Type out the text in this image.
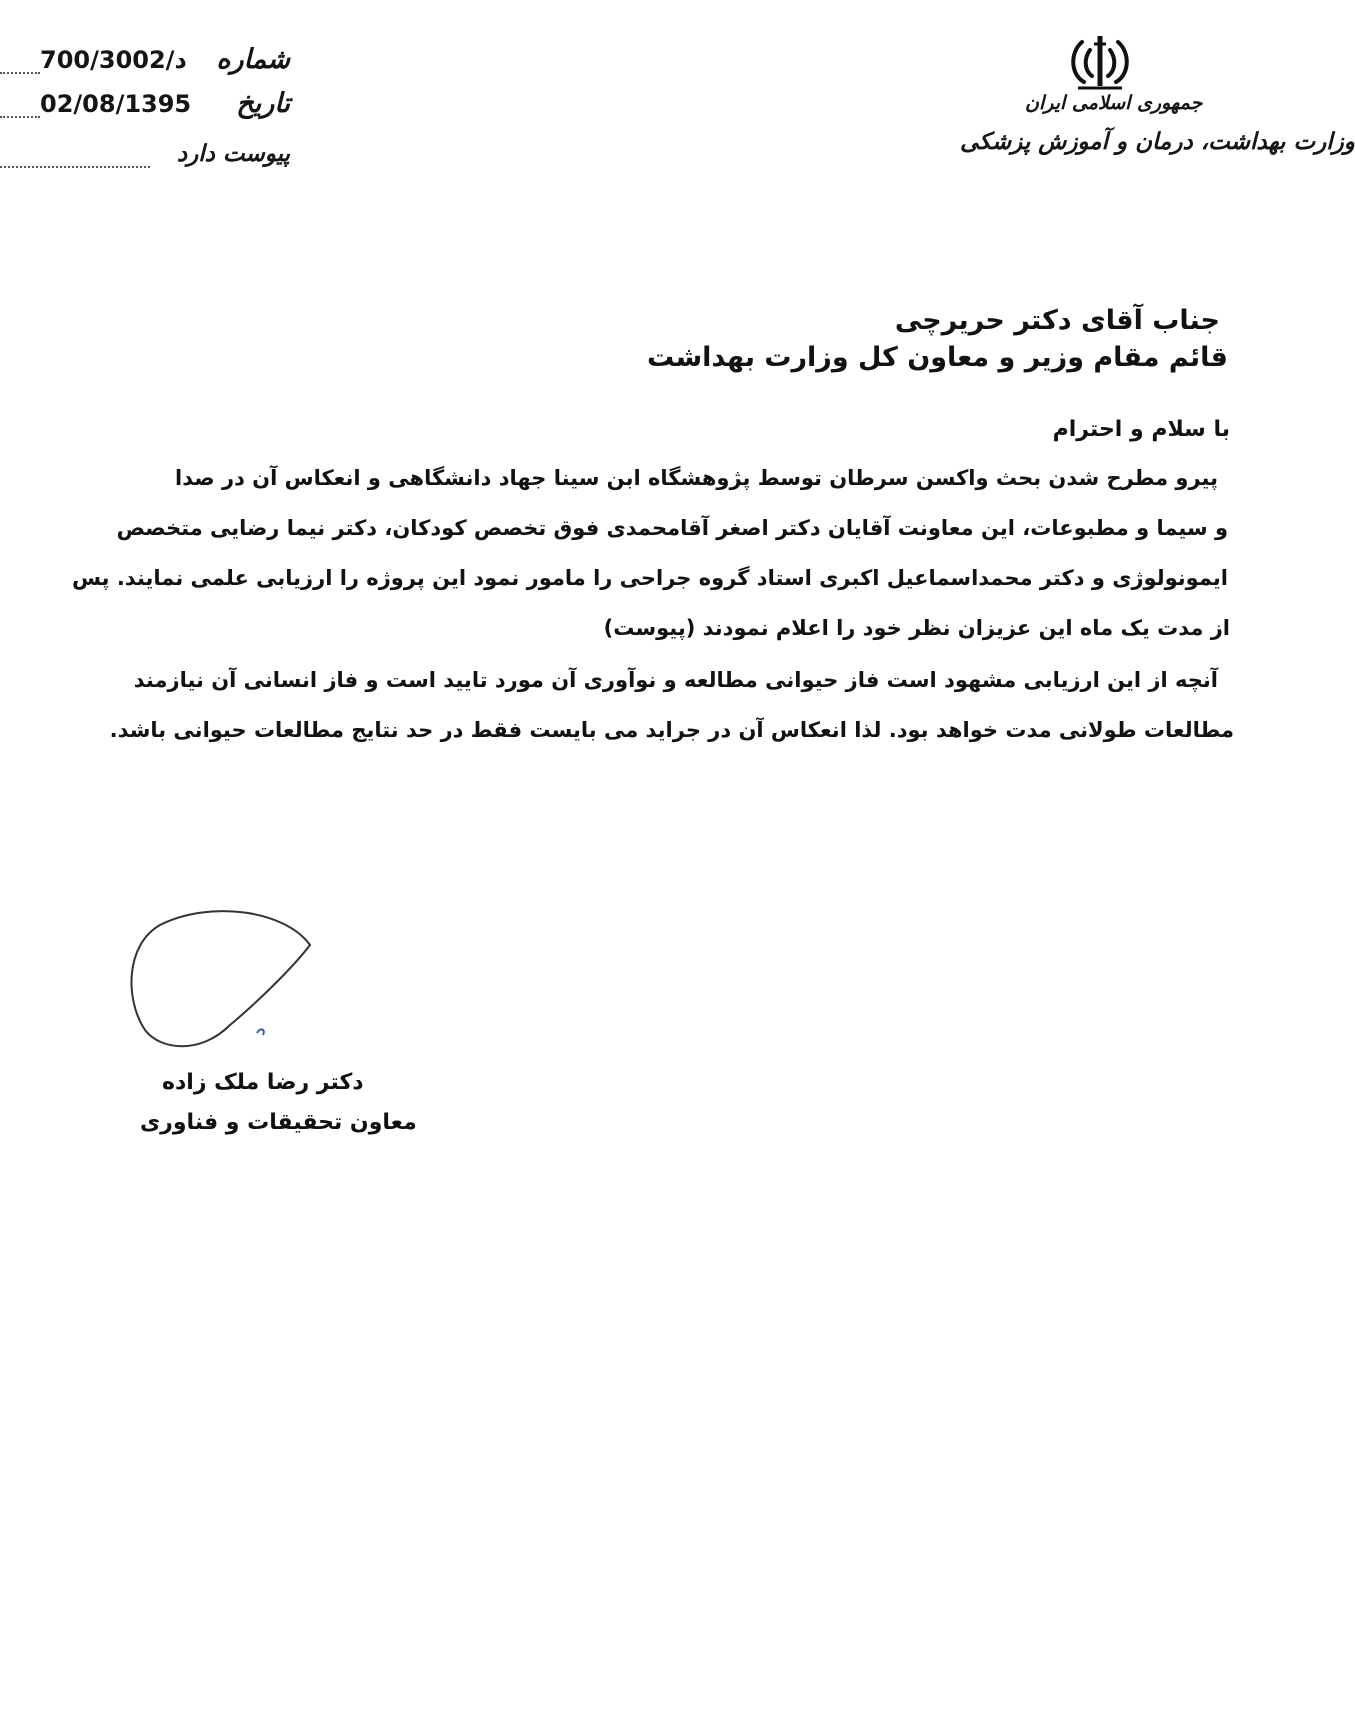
شماره
700/د/3002
تاریخ
02/08/1395
پیوست دارد
جمهوری اسلامی ایران
وزارت بهداشت، درمان و آموزش پزشکی
جناب آقای دکتر حریرچی
قائم مقام وزیر و معاون کل وزارت بهداشت
با سلام و احترام
پیرو مطرح شدن بحث واکسن سرطان توسط پژوهشگاه ابن سینا جهاد دانشگاهی و انعکاس آن در صدا
و سیما و مطبوعات، این معاونت آقایان دکتر اصغر آقامحمدی فوق تخصص کودکان، دکتر نیما رضایی متخصص
ایمونولوژی و دکتر محمداسماعیل اکبری استاد گروه جراحی را مامور نمود این پروژه را ارزیابی علمی نمایند. پس
از مدت یک ماه این عزیزان نظر خود را اعلام نمودند (پیوست)
آنچه از این ارزیابی مشهود است فاز حیوانی مطالعه و نوآوری آن مورد تایید است و فاز انسانی آن نیازمند
مطالعات طولانی مدت خواهد بود. لذا انعکاس آن در جراید می بایست فقط در حد نتایج مطالعات حیوانی باشد.
دکتر رضا ملک زاده
معاون تحقیقات و فناوری
